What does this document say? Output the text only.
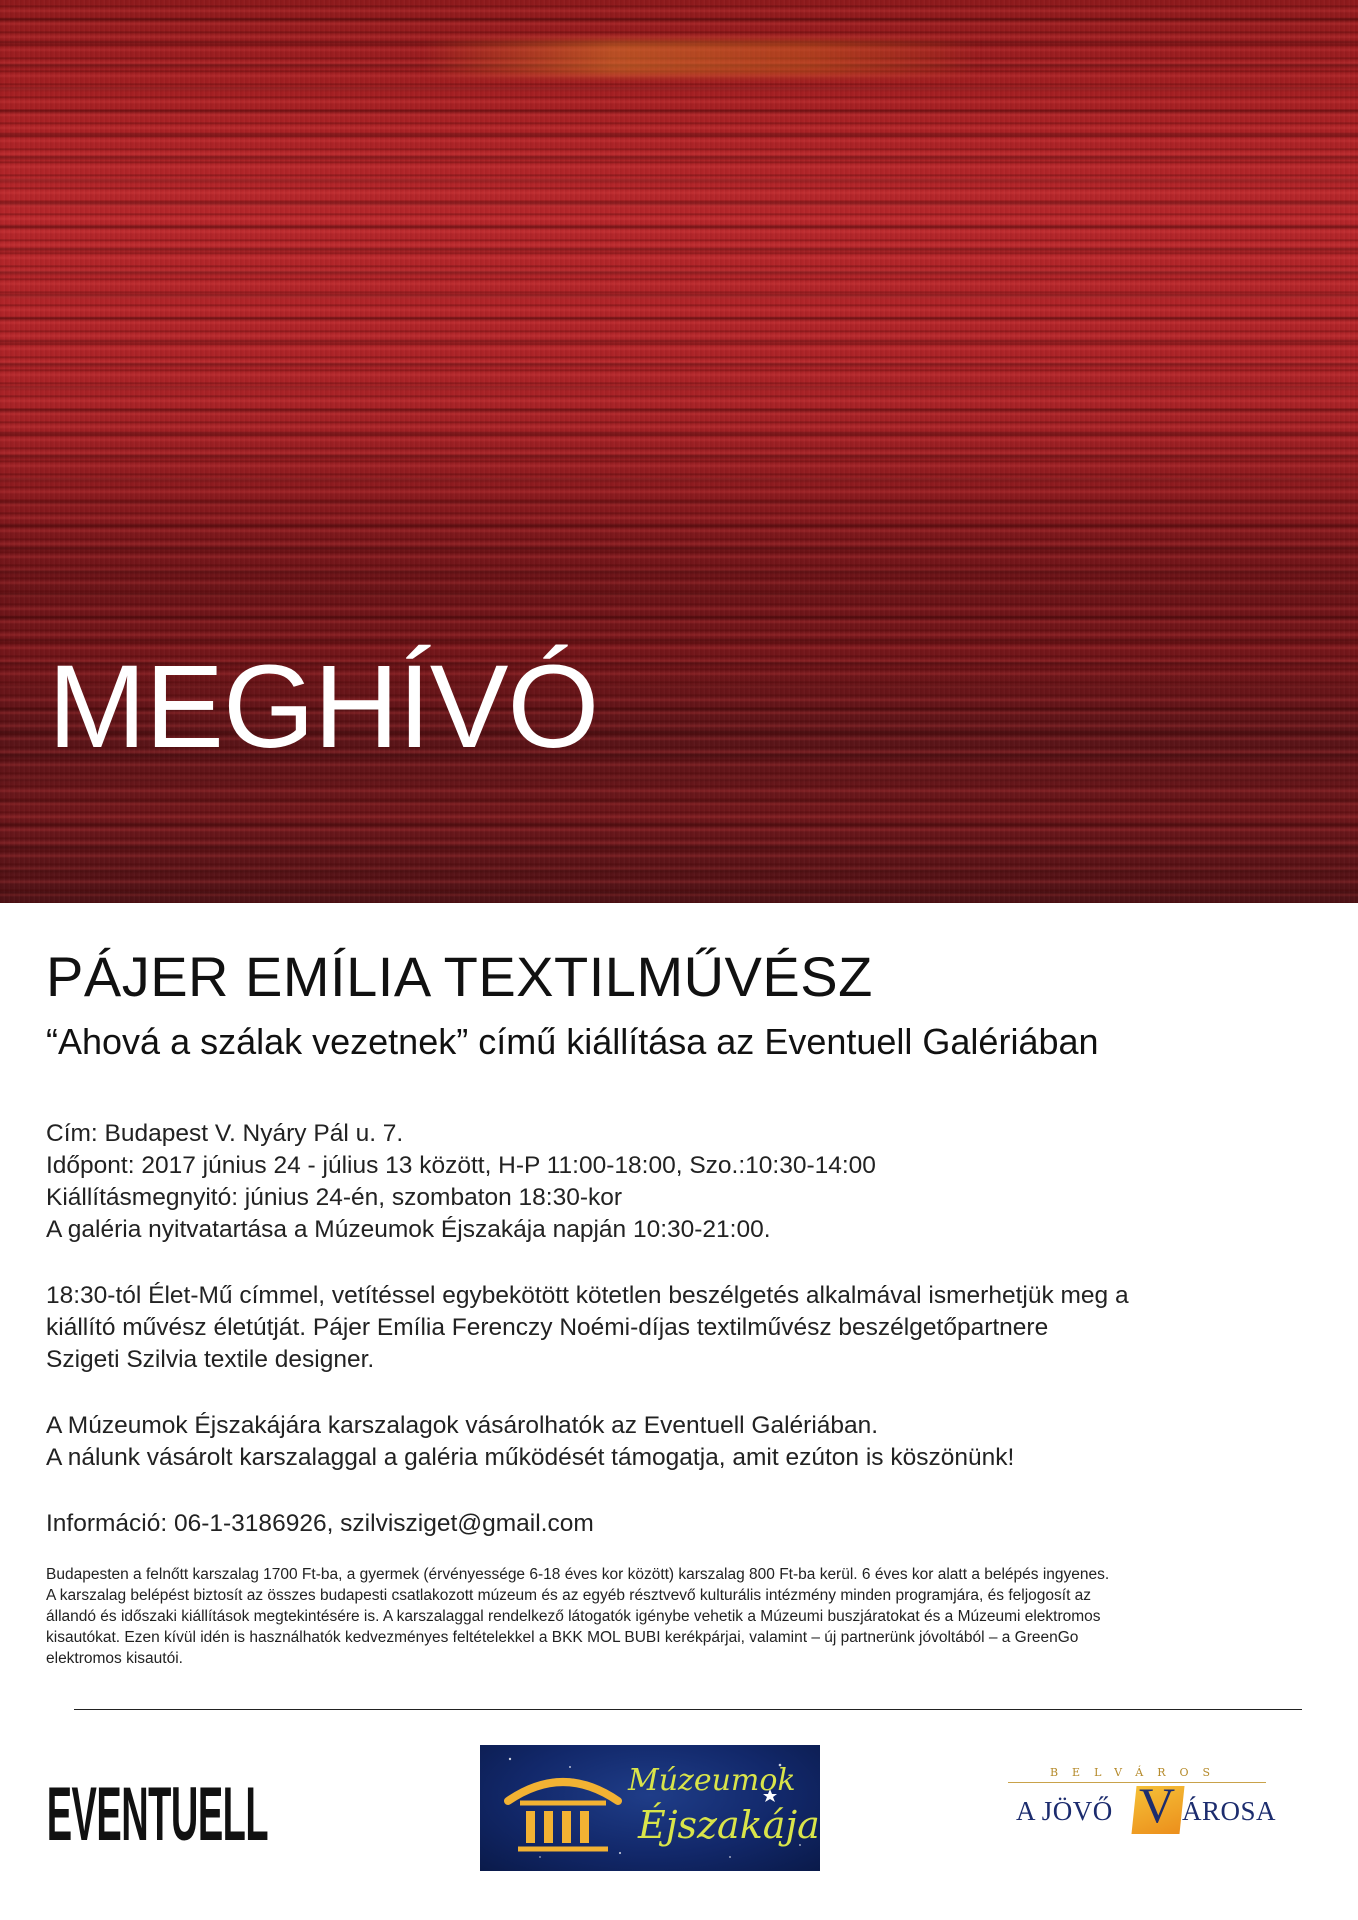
MEGHÍVÓ
PÁJER EMÍLIA TEXTILMŰVÉSZ
“Ahová a szálak vezetnek” című kiállítása az Eventuell Galériában

Cím: Budapest V. Nyáry Pál u. 7.

Időpont: 2017 június 24 - július 13 között, H-P 11:00-18:00, Szo.:10:30-14:00

Kiállításmegnyitó: június 24-én, szombaton 18:30-kor

A galéria nyitvatartása a Múzeumok Éjszakája napján 10:30-21:00.

18:30-tól Élet-Mű címmel, vetítéssel egybekötött kötetlen beszélgetés alkalmával ismerhetjük meg a

kiállító művész életútját. Pájer Emília Ferenczy Noémi-díjas textilművész beszélgetőpartnere

Szigeti Szilvia textile designer.

A Múzeumok Éjszakájára karszalagok vásárolhatók az Eventuell Galériában.

A nálunk vásárolt karszalaggal a galéria működését támogatja, amit ezúton is köszönünk!

Információ: 06-1-3186926, szilvisziget@gmail.com

Budapesten a felnőtt karszalag 1700 Ft-ba, a gyermek (érvényessége 6-18 éves kor között) karszalag 800 Ft-ba kerül. 6 éves kor alatt a belépés ingyenes.
A karszalag belépést biztosít az összes budapesti csatlakozott múzeum és az egyéb résztvevő kulturális intézmény minden programjára, és feljogosít az
állandó és időszaki kiállítások megtekintésére is. A karszalaggal rendelkező látogatók igénybe vehetik a Múzeumi buszjáratokat és a Múzeumi elektromos
kisautókat. Ezen kívül idén is használhatók kedvezményes feltételekkel a BKK MOL BUBI kerékpárjai, valamint – új partnerünk jóvoltából – a GreenGo
elektromos kisautói.
EVENTUELL	Múzeumok
Éjszakája
BELVÁROS
A JÖVŐ V ÁROSA
